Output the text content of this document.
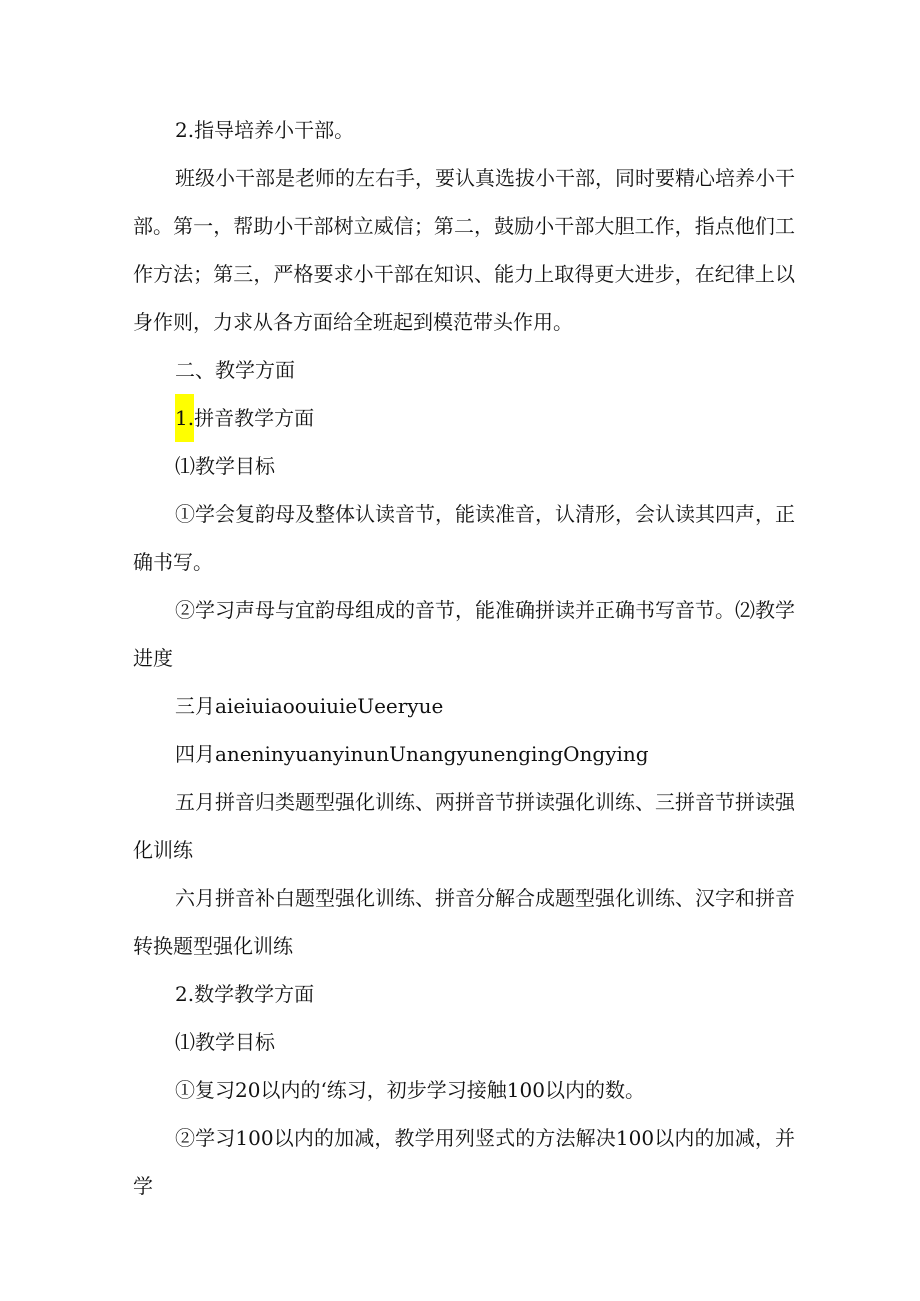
2.指导培养小干部。

班级小干部是老师的左右手，要认真选拔小干部，同时要精心培养小干部。第一，帮助小干部树立威信；第二，鼓励小干部大胆工作，指点他们工作方法；第三，严格要求小干部在知识、能力上取得更大进步，在纪律上以身作则，力求从各方面给全班起到模范带头作用。

二、教学方面

1.拼音教学方面

⑴教学目标

①学会复韵母及整体认读音节，能读准音，认清形，会认读其四声，正确书写。

②学习声母与宜韵母组成的音节，能准确拼读并正确书写音节。⑵教学进度

三月aieiuiaoouiuieUeeryue

四月aneninyuanyinunUnangyunengingOngying

五月拼音归类题型强化训练、两拼音节拼读强化训练、三拼音节拼读强化训练

六月拼音补白题型强化训练、拼音分解合成题型强化训练、汉字和拼音转换题型强化训练

2.数学教学方面

⑴教学目标

①复习20以内的‘练习，初步学习接触100以内的数。

②学习100以内的加减，教学用列竖式的方法解决100以内的加减，并学
